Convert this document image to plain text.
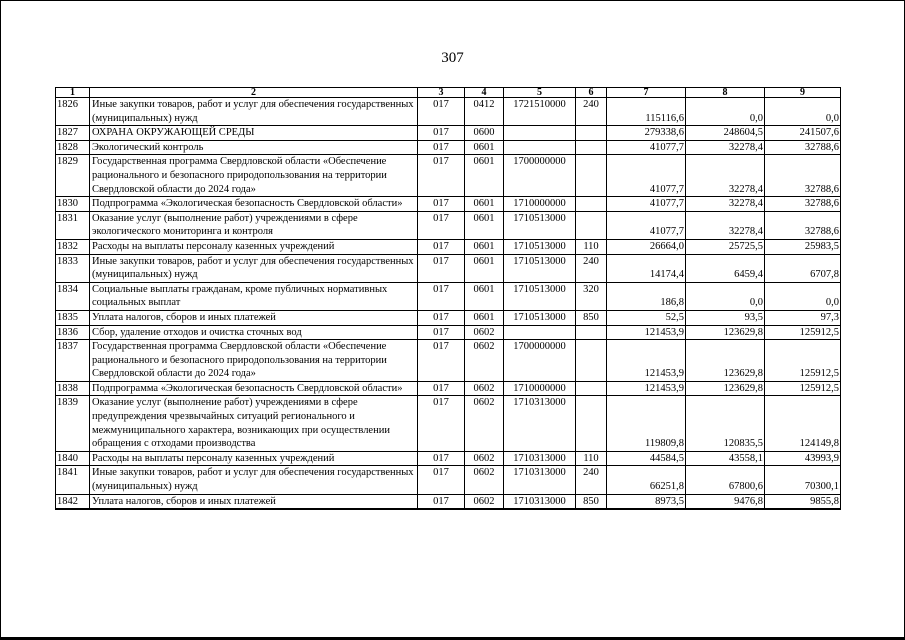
307
1	2	3	4	5	6	7	8	9
1826	Иные закупки товаров, работ и услуг для обеспечения государственных (муниципальных) нужд	017	0412	1721510000	240	115116,6	0,0	0,0
1827	ОХРАНА ОКРУЖАЮЩЕЙ СРЕДЫ	017	0600			279338,6	248604,5	241507,6
1828	Экологический контроль	017	0601			41077,7	32278,4	32788,6
1829	Государственная программа Свердловской области «Обеспечение рационального и безопасного природопользования на территории Свердловской области до 2024 года»	017	0601	1700000000		41077,7	32278,4	32788,6
1830	Подпрограмма «Экологическая безопасность Свердловской области»	017	0601	1710000000		41077,7	32278,4	32788,6
1831	Оказание услуг (выполнение работ) учреждениями в сфере экологического мониторинга и контроля	017	0601	1710513000		41077,7	32278,4	32788,6
1832	Расходы на выплаты персоналу казенных учреждений	017	0601	1710513000	110	26664,0	25725,5	25983,5
1833	Иные закупки товаров, работ и услуг для обеспечения государственных (муниципальных) нужд	017	0601	1710513000	240	14174,4	6459,4	6707,8
1834	Социальные выплаты гражданам, кроме публичных нормативных социальных выплат	017	0601	1710513000	320	186,8	0,0	0,0
1835	Уплата налогов, сборов и иных платежей	017	0601	1710513000	850	52,5	93,5	97,3
1836	Сбор, удаление отходов и очистка сточных вод	017	0602			121453,9	123629,8	125912,5
1837	Государственная программа Свердловской области «Обеспечение рационального и безопасного природопользования на территории Свердловской области до 2024 года»	017	0602	1700000000		121453,9	123629,8	125912,5
1838	Подпрограмма «Экологическая безопасность Свердловской области»	017	0602	1710000000		121453,9	123629,8	125912,5
1839	Оказание услуг (выполнение работ) учреждениями в сфере предупреждения чрезвычайных ситуаций регионального и межмуниципального характера, возникающих при осуществлении обращения с отходами производства	017	0602	1710313000		119809,8	120835,5	124149,8
1840	Расходы на выплаты персоналу казенных учреждений	017	0602	1710313000	110	44584,5	43558,1	43993,9
1841	Иные закупки товаров, работ и услуг для обеспечения государственных (муниципальных) нужд	017	0602	1710313000	240	66251,8	67800,6	70300,1
1842	Уплата налогов, сборов и иных платежей	017	0602	1710313000	850	8973,5	9476,8	9855,8
